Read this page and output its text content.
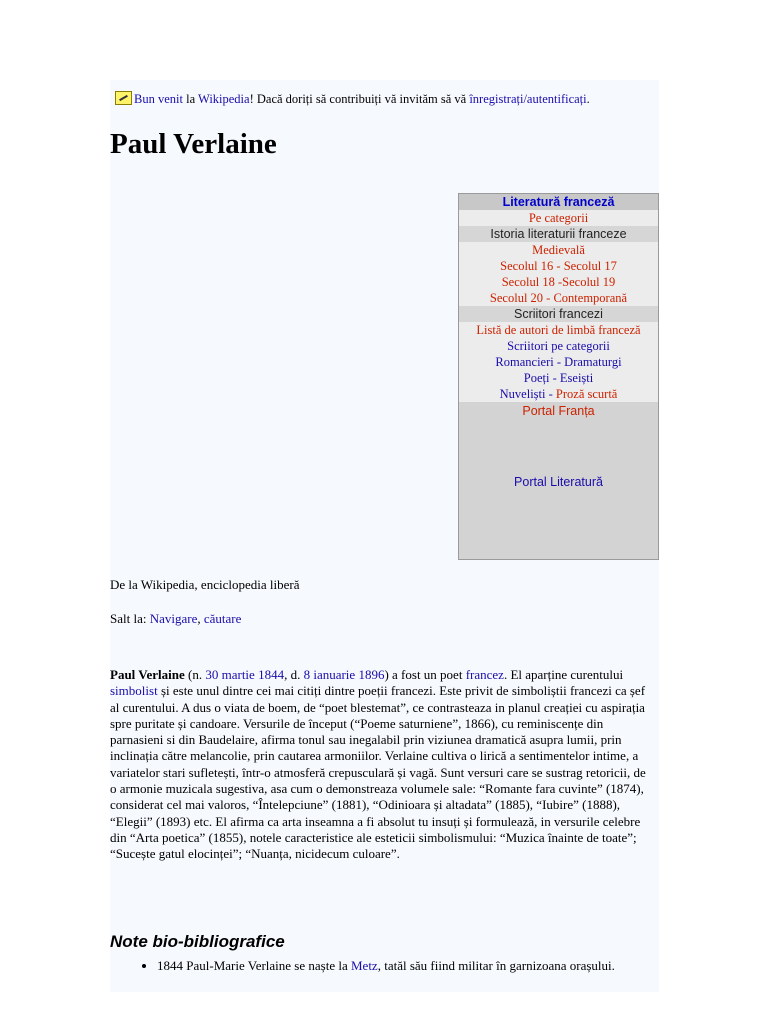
Bun venit la Wikipedia! Dacă doriți să contribuiți vă invităm să vă înregistrați/autentificați.
Paul Verlaine
Literatură franceză
Pe categorii
Istoria literaturii franceze
Medievală
Secolul 16 - Secolul 17
Secolul 18 -Secolul 19
Secolul 20 - Contemporană
Scriitori francezi
Listă de autori de limbă franceză
Scriitori pe categorii
Romancieri - Dramaturgi
Poeți - Eseiști
Nuveliști - Proză scurtă
Portal Franța
Portal Literatură
De la Wikipedia, enciclopedia liberă
Salt la: Navigare, căutare
Paul Verlaine (n. 30 martie 1844, d. 8 ianuarie 1896) a fost un poet francez. El aparține curentului simbolist și este unul dintre cei mai citiți dintre poeții francezi. Este privit de simboliștii francezi ca șef al curentului. A dus o viata de boem, de “poet blestemat”, ce contrasteaza in planul creației cu aspirația spre puritate și candoare. Versurile de început (“Poeme saturniene”, 1866), cu reminiscențe din parnasieni si din Baudelaire, afirma tonul sau inegalabil prin viziunea dramatică asupra lumii, prin inclinația către melancolie, prin cautarea armoniilor. Verlaine cultiva o lirică a sentimentelor intime, a variatelor stari sufletești, într-o atmosferă crepusculară și vagă. Sunt versuri care se sustrag retoricii, de o armonie muzicala sugestiva, asa cum o demonstreaza volumele sale: “Romante fara cuvinte” (1874), considerat cel mai valoros, “Întelepciune” (1881), “Odinioara și altadata” (1885), “Iubire” (1888), “Elegii” (1893) etc. El afirma ca arta inseamna a fi absolut tu insuți și formulează, in versurile celebre din “Arta poetica” (1855), notele caracteristice ale esteticii simbolismului: “Muzica înainte de toate”; “Sucește gatul elocinței”; “Nuanța, nicidecum culoare”.
Note bio-bibliografice
• 1844 Paul-Marie Verlaine se naște la Metz, tatăl său fiind militar în garnizoana orașului.
